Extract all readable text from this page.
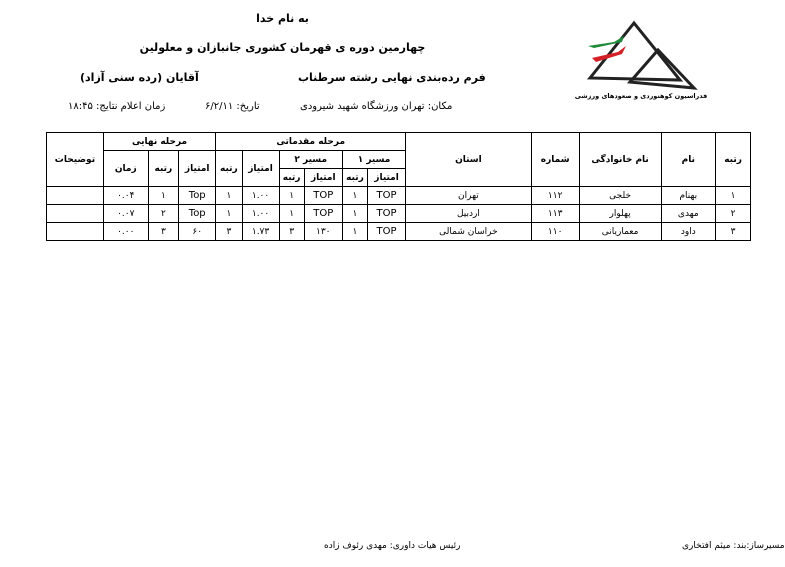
به نام خدا
چهارمین دوره ی قهرمان کشوری جانبازان و معلولین
فرم رده‌بندی نهایی رشته سرطناب
آقایان (رده سنی آزاد)
مکان: تهران ورزشگاه شهید شیرودی
تاریخ: ۶/۲/۱۱
زمان اعلام نتایج: ۱۸:۴۵
فدراسیون کوهنوردی و صعودهای ورزشی
رتبه	نام	نام خانوادگی	شماره	استان	مرحله مقدماتی						مرحله نهایی			توضیحات
					مسیر ۱		مسیر ۲		امتیاز	رتبه	امتیاز	رتبه	زمان	
					امتیاز	رتبه	امتیاز	رتبه						
۱	بهنام	خلجی	۱۱۲	تهران	TOP	۱	TOP	۱	۱.۰۰	۱	Top	۱	۰.۰۴	
۲	مهدی	پهلوار	۱۱۳	اردبیل	TOP	۱	TOP	۱	۱.۰۰	۱	Top	۲	۰.۰۷	
۳	داود	معماریانی	۱۱۰	خراسان شمالی	TOP	۱	۱۳۰	۳	۱.۷۳	۳	۶۰	۳	۰.۰۰	
رئیس هیات داوری: مهدی رئوف زاده	مسیرساز:بند: میثم افتخاری
